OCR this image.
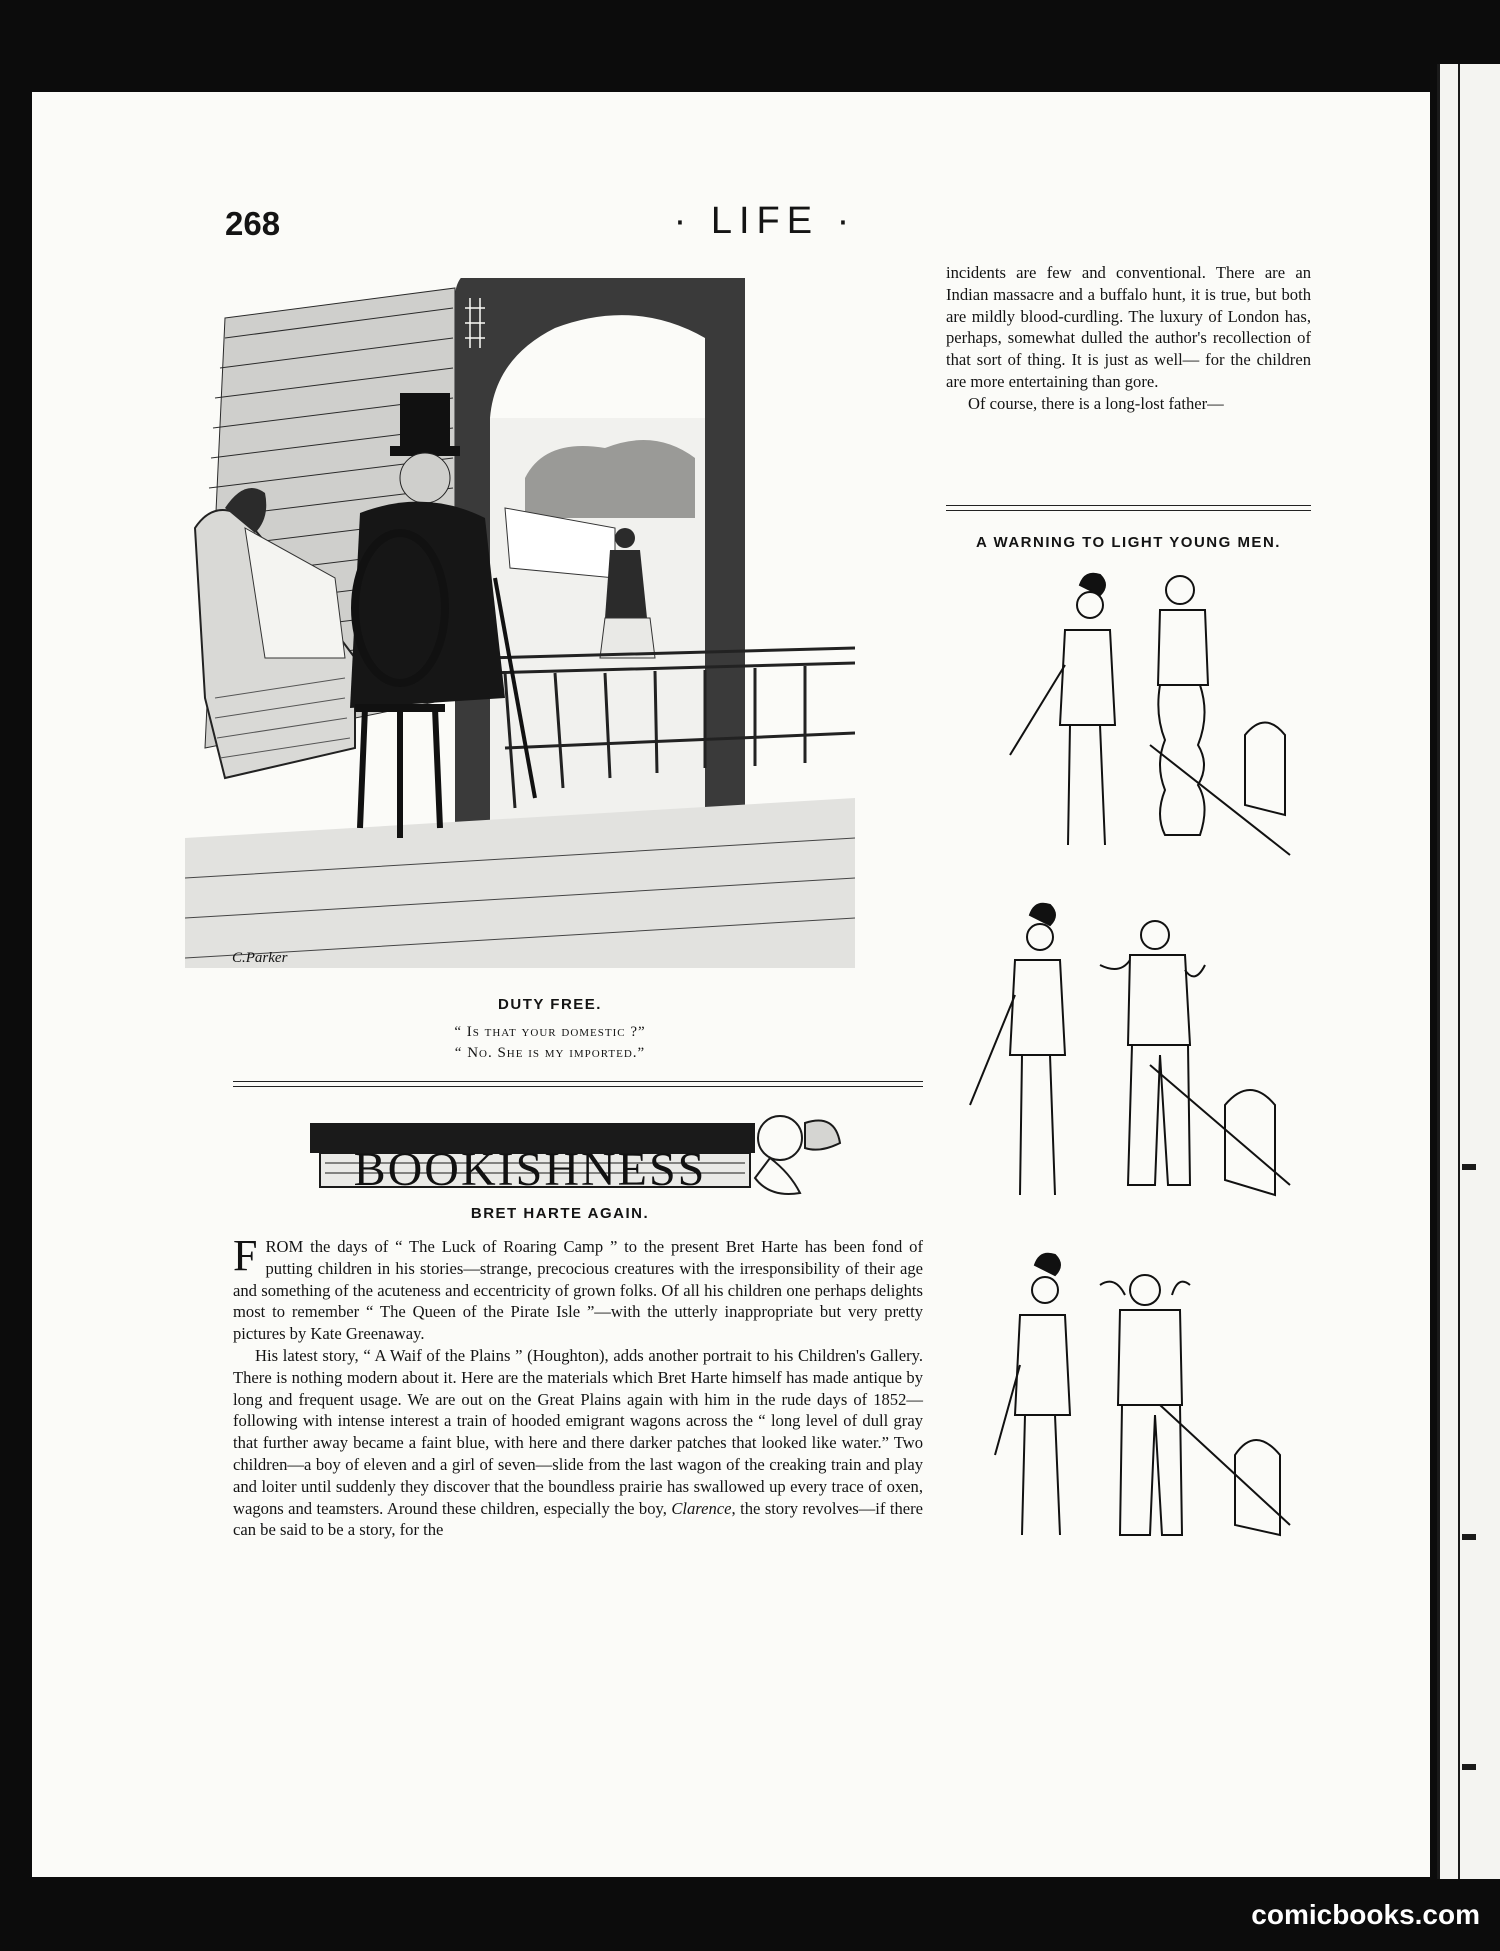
268	· LIFE ·
C.Parker
DUTY FREE.
“ Is that your domestic ?”
“ No. She is my imported.”
BOOKISHNESS
BRET HARTE AGAIN.

FROM the days of “ The Luck of Roaring Camp ” to the present Bret Harte has been fond of putting children in his stories—strange, precocious creatures with the irresponsibility of their age and something of the acuteness and eccentricity of grown folks. Of all his children one perhaps delights most to remember “ The Queen of the Pirate Isle ”—with the utterly inappropriate but very pretty pictures by Kate Greenaway.

His latest story, “ A Waif of the Plains ” (Houghton), adds another portrait to his Children's Gallery. There is nothing modern about it. Here are the materials which Bret Harte himself has made antique by long and frequent usage. We are out on the Great Plains again with him in the rude days of 1852—following with intense interest a train of hooded emigrant wagons across the “ long level of dull gray that further away became a faint blue, with here and there darker patches that looked like water.” Two children—a boy of eleven and a girl of seven—slide from the last wagon of the creaking train and play and loiter until suddenly they discover that the boundless prairie has swallowed up every trace of oxen, wagons and teamsters. Around these children, especially the boy, Clarence, the story revolves—if there can be said to be a story, for the

incidents are few and conventional. There are an Indian massacre and a buffalo hunt, it is true, but both are mildly blood-curdling. The luxury of London has, perhaps, somewhat dulled the author's recollection of that sort of thing. It is just as well— for the children are more entertaining than gore.

Of course, there is a long-lost father—

A WARNING TO LIGHT YOUNG MEN.
comicbooks.com
